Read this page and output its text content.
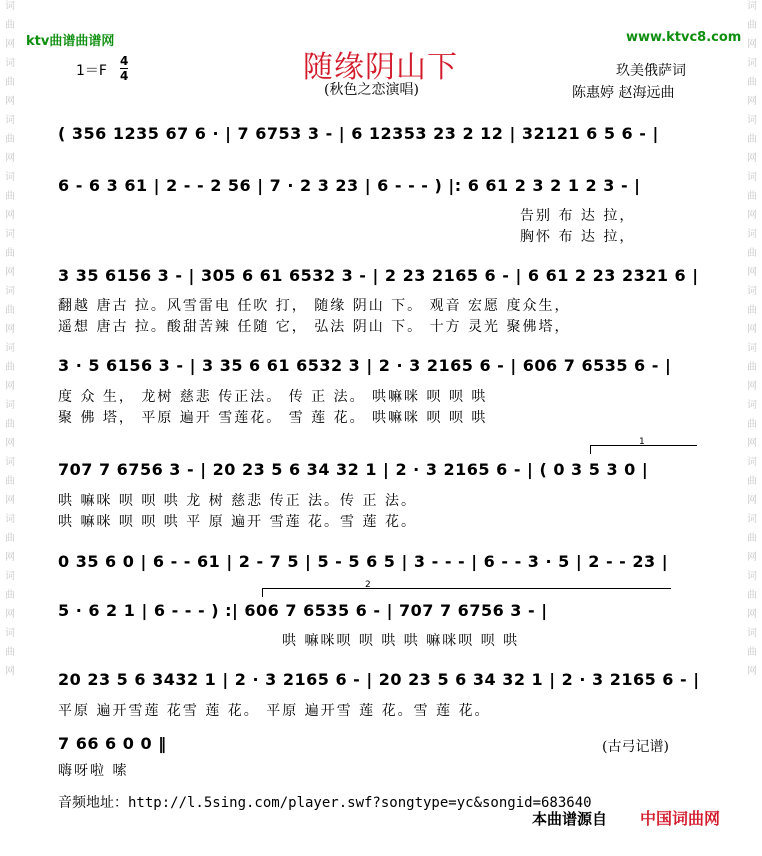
词
曲
网
词
曲
网
词
曲
网
词
曲
网
词
曲
网
词
曲
网
词
曲
网
词
曲
网
词
曲
网
词
曲
网
词
曲
网
词
曲
网
词
曲
网
词
曲
网
词
曲
网
词
曲
网
词
曲
网
词
曲
网
词
曲
网
词
曲
网
词
曲
网
词
曲
网
词
曲
网
词
曲
网
ktv曲谱曲谱网	www.ktvc8.com
随缘阴山下
(秋色之恋演唱)
1＝F
4
4	玖美俄萨词
陈惠婷 赵海远曲
( 356 1235 67 6 · | 7 6753 3 - | 6 12353 23 2 12 | 32121 6 5 6 - |
6 - 6 3 61 | 2 - - 2 56 | 7 · 2 3 23 | 6 - - - ) |: 6 61 2 3 2 1 2 3 - |
告别 布 达 拉，
胸怀 布 达 拉，
3 35 6156 3 - | 305 6 61 6532 3 - | 2 23 2165 6 - | 6 61 2 23 2321 6 |
翻越 唐古 拉。风雪雷电 任吹 打， 随缘 阴山 下。 观音 宏愿 度众生，
遥想 唐古 拉。酸甜苦辣 任随 它， 弘法 阴山 下。 十方 灵光 聚佛塔，
3 · 5 6156 3 - | 3 35 6 61 6532 3 | 2 · 3 2165 6 - | 606 7 6535 6 - |
度 众 生， 龙树 慈悲 传正法。 传 正 法。 哄嘛咪 呗 呗 哄
聚 佛 塔， 平原 遍开 雪莲花。 雪 莲 花。 哄嘛咪 呗 呗 哄
1
707 7 6756 3 - | 20 23 5 6 34 32 1 | 2 · 3 2165 6 - | ( 0 3 5 3 0 |
哄 嘛咪 呗 呗 哄 龙 树 慈悲 传正 法。传 正 法。
哄 嘛咪 呗 呗 哄 平 原 遍开 雪莲 花。雪 莲 花。
0 35 6 0 | 6 - - 61 | 2 - 7 5 | 5 - 5 6 5 | 3 - - - | 6 - - 3 · 5 | 2 - - 23 |
2
5 · 6 2 1 | 6 - - - ) :| 606 7 6535 6 - | 707 7 6756 3 - |
哄 嘛咪呗 呗 哄 哄 嘛咪呗 呗 哄
20 23 5 6 3432 1 | 2 · 3 2165 6 - | 20 23 5 6 34 32 1 | 2 · 3 2165 6 - |
平原 遍开雪莲 花雪 莲 花。 平原 遍开雪 莲 花。雪 莲 花。
7 66 6 0 0 ‖
嗨呀啦 嗦
(古弓记谱)
音频地址：http://l.5sing.com/player.swf?songtype=yc&songid=683640
本曲谱源自 中国词曲网
